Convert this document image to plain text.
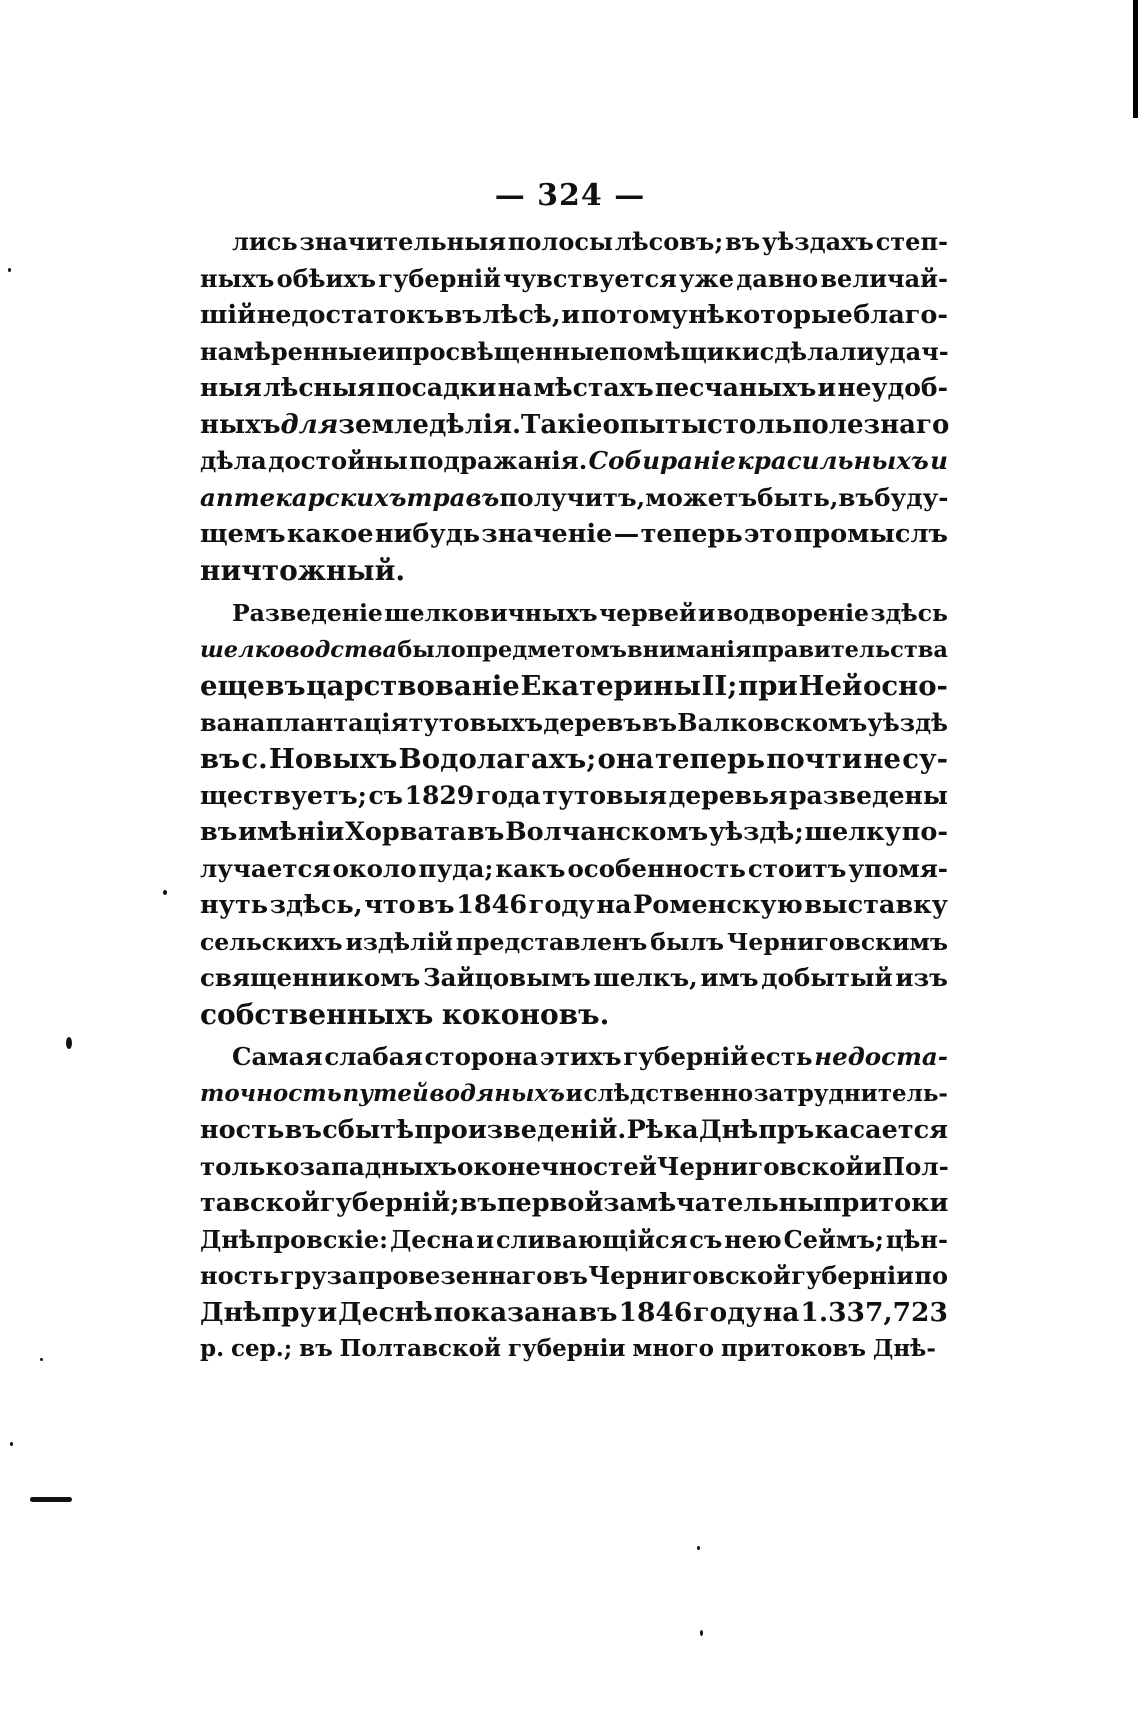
— 324 —
лись значительныя полосы лѣсовъ; въ уѣздахъ степ-
ныхъ обѣихъ губерній чувствуется уже давно величай-
шій недостатокъ въ лѣсѣ, и потому нѣкоторые благо-
намѣренные и просвѣщенные помѣщики сдѣлали удач-
ныя лѣсныя посадки на мѣстахъ песчаныхъ и неудоб-
ныхъ для земледѣлія. Такіе опыты столь полезнаго
дѣла достойны подражанія. Собираніе красильныхъ и
аптекарскихъ травъ получитъ, можетъ быть, въ буду-
щемъ какое нибудь значеніе — теперь это промыслъ
ничтожный.
Разведеніе шелковичныхъ червей и водвореніе здѣсь
шелководства было предметомъ вниманія правительства
еще въ царствованіе Екатерины II; при Ней осно-
вана плантація тутовыхъ деревъ въ Валковскомъ уѣздѣ
въ с. Новыхъ Водолагахъ; она теперь почти не су-
ществуетъ; съ 1829 года тутовыя деревья разведены
въ имѣніи Хорвата въ Волчанскомъ уѣздѣ; шелку по-
лучается около пуда; какъ особенность стоитъ упомя-
нуть здѣсь, что въ 1846 году на Роменскую выставку
сельскихъ издѣлій представленъ былъ Черниговскимъ
священникомъ Зайцовымъ шелкъ, имъ добытый изъ
собственныхъ коконовъ.
Самая слабая сторона этихъ губерній есть недоста-
точность путей водяныхъ и слѣдственно затруднитель-
ность въ сбытѣ произведеній. Рѣка Днѣпръ касается
только западныхъ оконечностей Черниговской и Пол-
тавской губерній; въ первой замѣчательны притоки
Днѣпровскіе: Десна и сливающійся съ нею Сеймъ; цѣн-
ность груза провезеннаго въ Черниговской губерніи по
Днѣпру и Деснѣ показана въ 1846 году на 1.337,723
р. сер.; въ Полтавской губерніи много притоковъ Днѣ-
